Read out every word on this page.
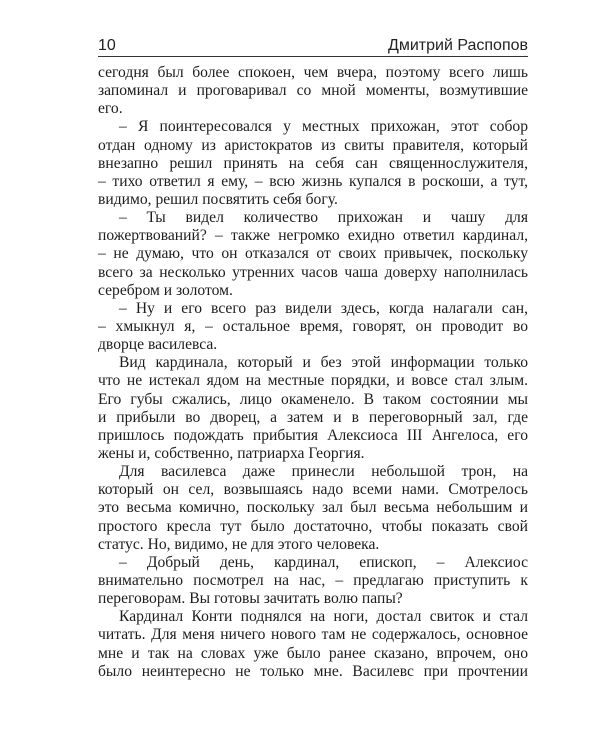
10	Дмитрий Распопов

сегодня был более спокоен, чем вчера, поэтому всего лишь
запоминал и проговаривал со мной моменты, возмутившие
его.

– Я поинтересовался у местных прихожан, этот собор
отдан одному из аристократов из свиты правителя, который
внезапно решил принять на себя сан священнослужителя,
– тихо ответил я ему, – всю жизнь купался в роскоши, а тут,
видимо, решил посвятить себя богу.

– Ты видел количество прихожан и чашу для
пожертвований? – также негромко ехидно ответил кардинал,
– не думаю, что он отказался от своих привычек, поскольку
всего за несколько утренних часов чаша доверху наполнилась
серебром и золотом.

– Ну и его всего раз видели здесь, когда налагали сан,
– хмыкнул я, – остальное время, говорят, он проводит во
дворце василевса.

Вид кардинала, который и без этой информации только
что не истекал ядом на местные порядки, и вовсе стал злым.
Его губы сжались, лицо окаменело. В таком состоянии мы
и прибыли во дворец, а затем и в переговорный зал, где
пришлось подождать прибытия Алексиоса III Ангелоса, его
жены и, собственно, патриарха Георгия.

Для василевса даже принесли небольшой трон, на
который он сел, возвышаясь надо всеми нами. Смотрелось
это весьма комично, поскольку зал был весьма небольшим и
простого кресла тут было достаточно, чтобы показать свой
статус. Но, видимо, не для этого человека.

– Добрый день, кардинал, епископ, – Алексиос
внимательно посмотрел на нас, – предлагаю приступить к
переговорам. Вы готовы зачитать волю папы?

Кардинал Конти поднялся на ноги, достал свиток и стал
читать. Для меня ничего нового там не содержалось, основное
мне и так на словах уже было ранее сказано, впрочем, оно
было неинтересно не только мне. Василевс при прочтении
